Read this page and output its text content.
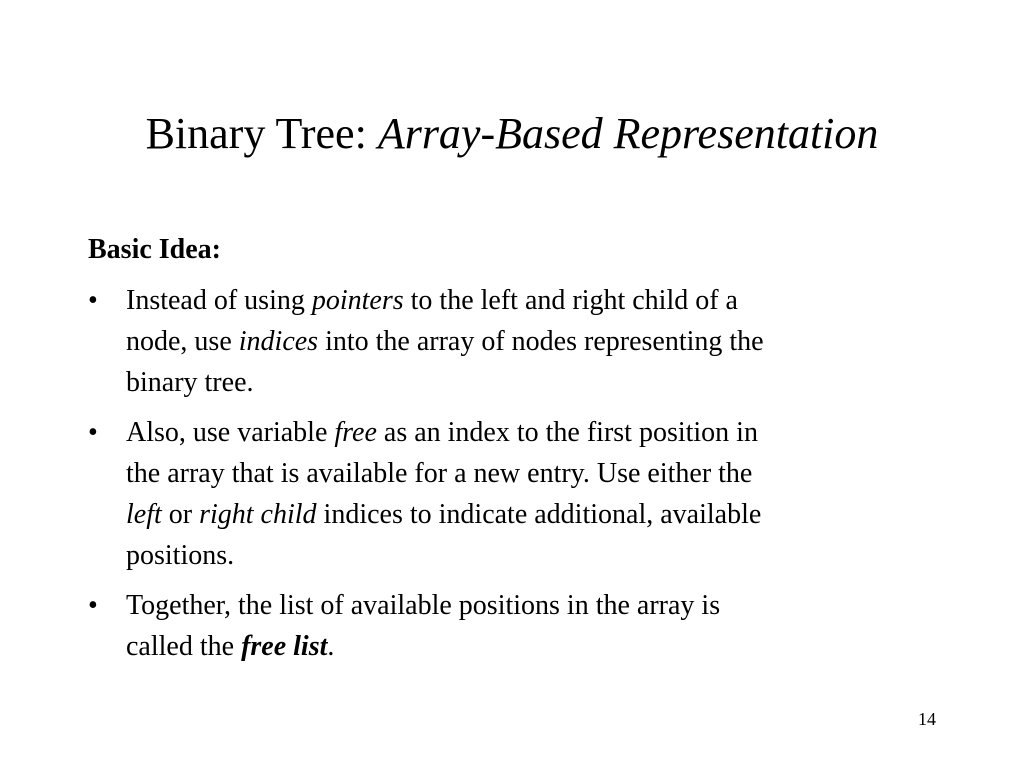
Binary Tree: Array-Based Representation
Basic Idea:
• Instead of using pointers to the left and right child of a
node, use indices into the array of nodes representing the
binary tree.
• Also, use variable free as an index to the first position in
the array that is available for a new entry. Use either the
left or right child indices to indicate additional, available
positions.
• Together, the list of available positions in the array is
called the free list.
14
